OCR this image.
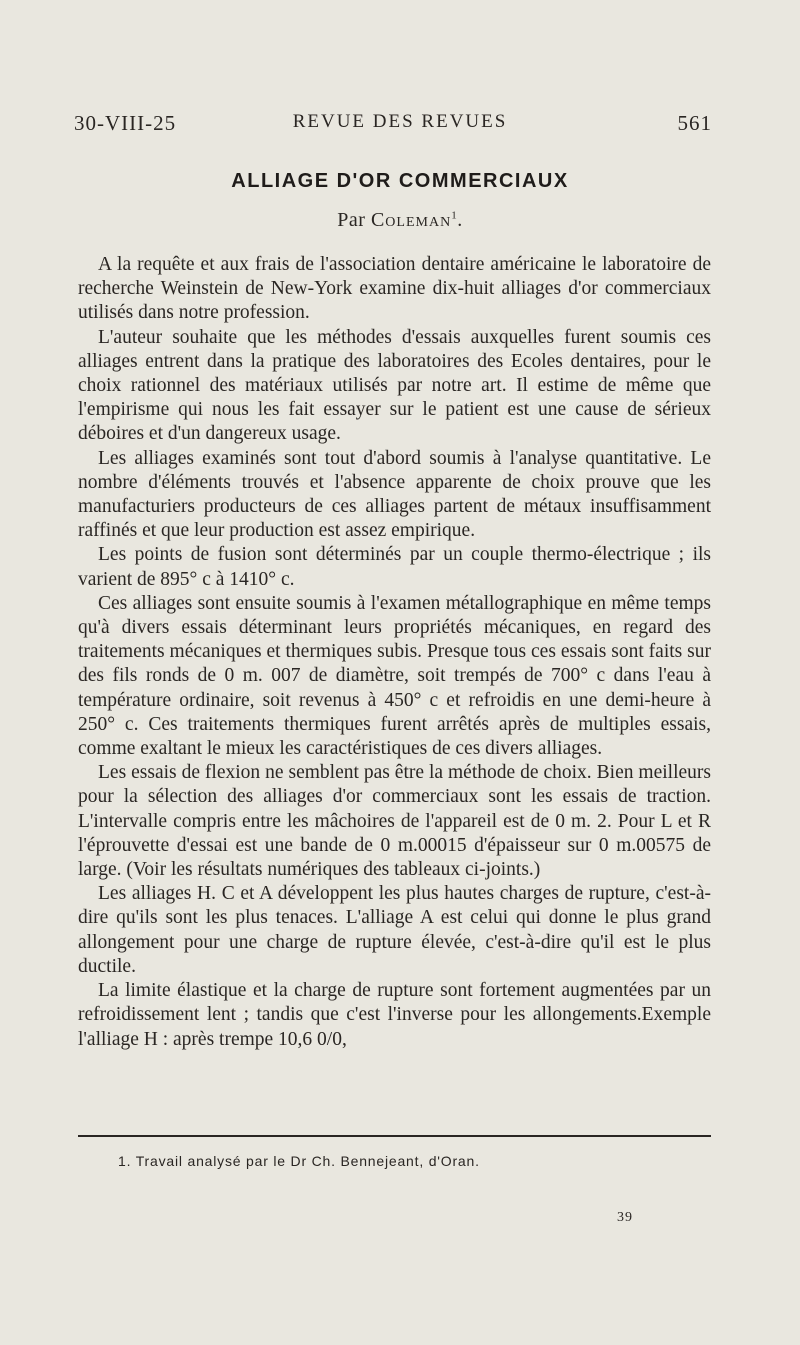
REVUE DES REVUES
30-VIII-25	561
ALLIAGE D'OR COMMERCIAUX
Par Coleman$^1$.

A la requête et aux frais de l'association dentaire américaine le laboratoire de recherche Weinstein de New-York examine dix-huit alliages d'or commerciaux utilisés dans notre profession.

L'auteur souhaite que les méthodes d'essais auxquelles furent soumis ces alliages entrent dans la pratique des laboratoires des Ecoles dentaires, pour le choix rationnel des matériaux utilisés par notre art. Il estime de même que l'empirisme qui nous les fait essayer sur le patient est une cause de sérieux déboires et d'un dangereux usage.

Les alliages examinés sont tout d'abord soumis à l'analyse quantitative. Le nombre d'éléments trouvés et l'absence apparente de choix prouve que les manufacturiers producteurs de ces alliages partent de métaux insuffisamment raffinés et que leur production est assez empirique.

Les points de fusion sont déterminés par un couple thermo-électrique ; ils varient de 895° c à 1410° c.

Ces alliages sont ensuite soumis à l'examen métallographique en même temps qu'à divers essais déterminant leurs propriétés mécaniques, en regard des traitements mécaniques et thermiques subis. Presque tous ces essais sont faits sur des fils ronds de 0 m. 007 de diamètre, soit trempés de 700° c dans l'eau à température ordinaire, soit revenus à 450° c et refroidis en une demi-heure à 250° c. Ces traitements thermiques furent arrêtés après de multiples essais, comme exaltant le mieux les caractéristiques de ces divers alliages.

Les essais de flexion ne semblent pas être la méthode de choix. Bien meilleurs pour la sélection des alliages d'or commerciaux sont les essais de traction. L'intervalle compris entre les mâchoires de l'appareil est de 0 m. 2. Pour L et R l'éprouvette d'essai est une bande de 0 m.00015 d'épaisseur sur 0 m.00575 de large. (Voir les résultats numériques des tableaux ci-joints.)

Les alliages H. C et A développent les plus hautes charges de rupture, c'est-à-dire qu'ils sont les plus tenaces. L'alliage A est celui qui donne le plus grand allongement pour une charge de rupture élevée, c'est-à-dire qu'il est le plus ductile.

La limite élastique et la charge de rupture sont fortement augmentées par un refroidissement lent ; tandis que c'est l'inverse pour les allongements.Exemple l'alliage H : après trempe 10,6 0/0,

1. Travail analysé par le Dr Ch. Bennejeant, d'Oran.
39
